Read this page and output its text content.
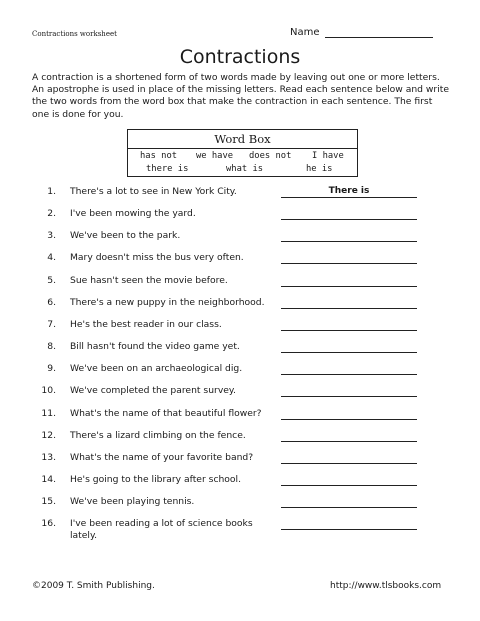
Contractions worksheet	Name
Contractions
A contraction is a shortened form of two words made by leaving out one or more letters. An apostrophe is used in place of the missing letters. Read each sentence below and write the two words from the word box that make the contraction in each sentence. The first one is done for you.
Word Box
has not we have does not I have
there is	what is	he is
1. There's a lot to see in New York City.	There is
2. I've been mowing the yard.
3. We've been to the park.
4. Mary doesn't miss the bus very often.
5. Sue hasn't seen the movie before.
6. There's a new puppy in the neighborhood.
7. He's the best reader in our class.
8. Bill hasn't found the video game yet.
9. We've been on an archaeological dig.
10. We've completed the parent survey.
11. What's the name of that beautiful flower?
12. There's a lizard climbing on the fence.
13. What's the name of your favorite band?
14. He's going to the library after school.
15. We've been playing tennis.
16. I've been reading a lot of science books lately.
©2009 T. Smith Publishing.	http://www.tlsbooks.com
